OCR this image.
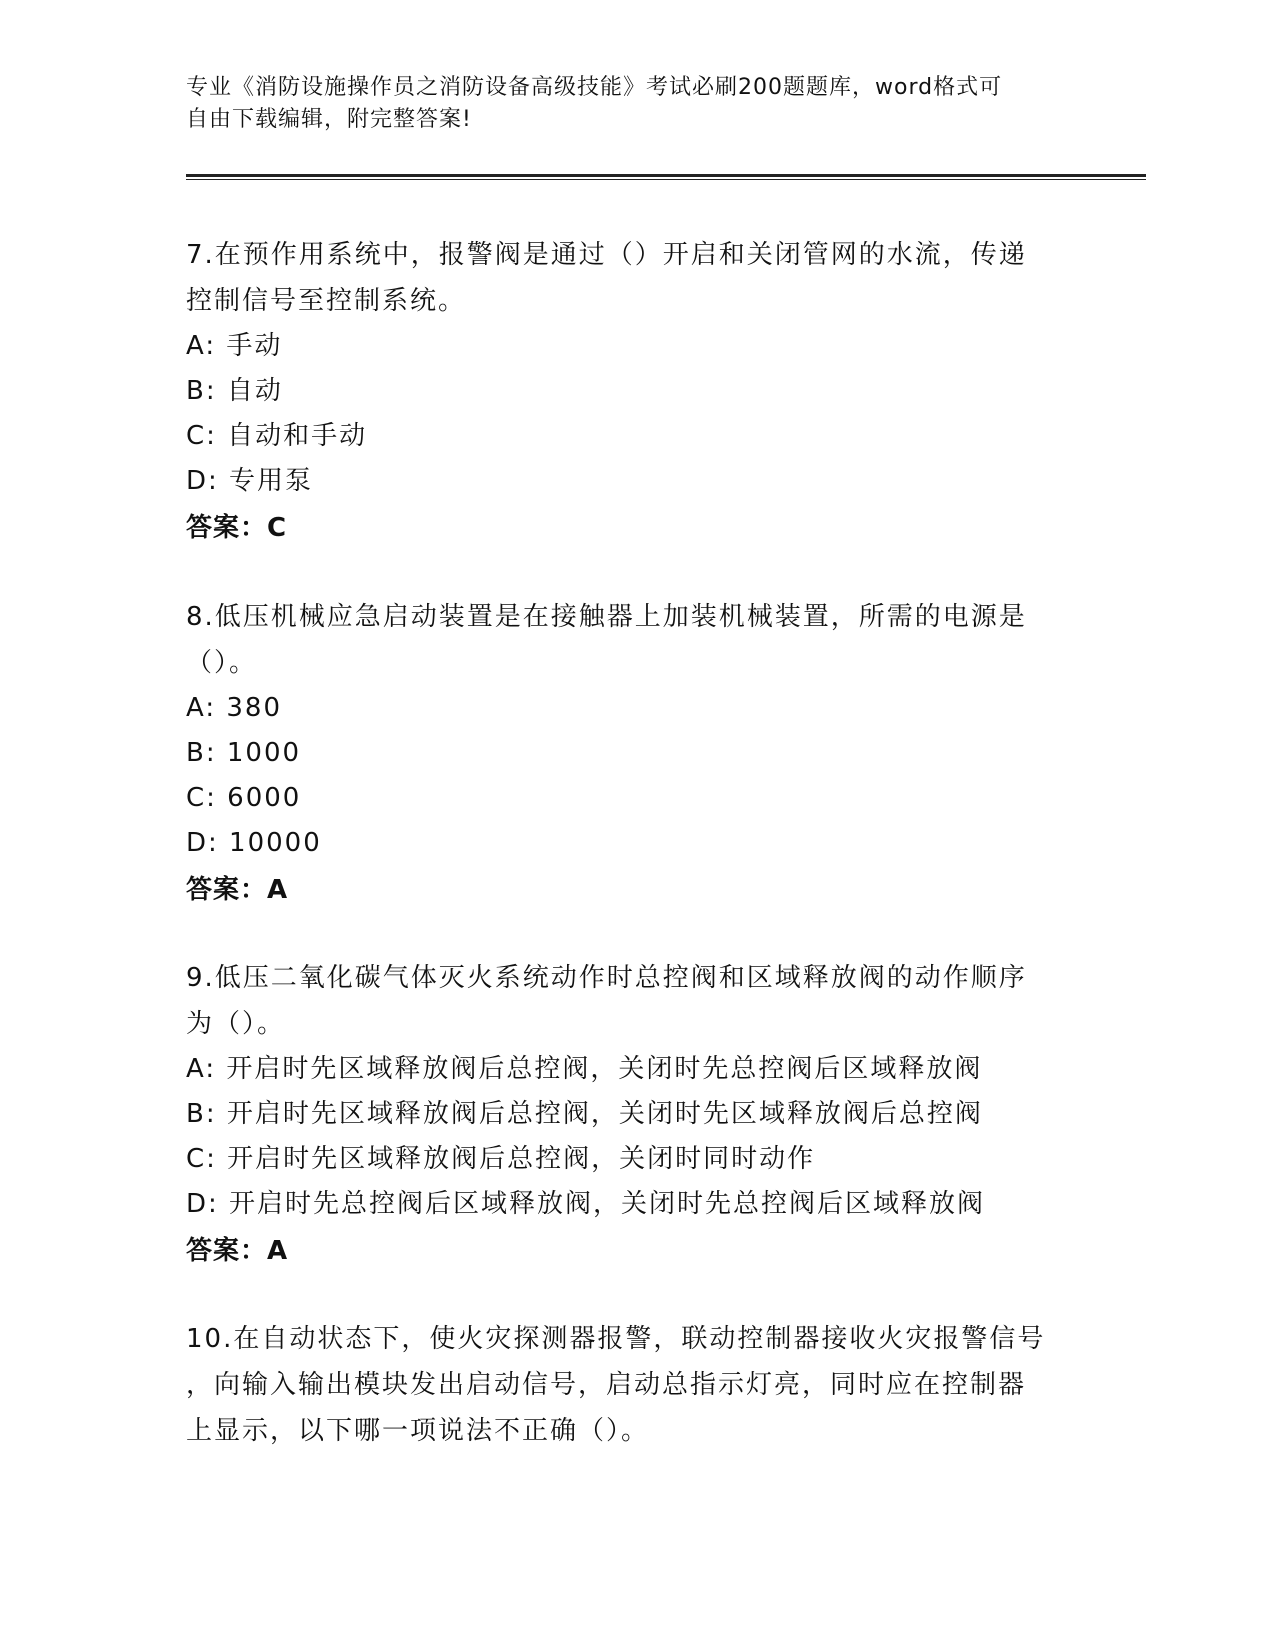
专业《消防设施操作员之消防设备高级技能》考试必刷200题题库，word格式可
自由下载编辑，附完整答案!
7.在预作用系统中，报警阀是通过（）开启和关闭管网的水流，传递
控制信号至控制系统。
A: 手动
B: 自动
C: 自动和手动
D: 专用泵
答案：C
8.低压机械应急启动装置是在接触器上加装机械装置，所需的电源是
（）。
A: 380
B: 1000
C: 6000
D: 10000
答案：A
9.低压二氧化碳气体灭火系统动作时总控阀和区域释放阀的动作顺序
为（）。
A: 开启时先区域释放阀后总控阀，关闭时先总控阀后区域释放阀
B: 开启时先区域释放阀后总控阀，关闭时先区域释放阀后总控阀
C: 开启时先区域释放阀后总控阀，关闭时同时动作
D: 开启时先总控阀后区域释放阀，关闭时先总控阀后区域释放阀
答案：A
10.在自动状态下，使火灾探测器报警，联动控制器接收火灾报警信号
，向输入输出模块发出启动信号，启动总指示灯亮，同时应在控制器
上显示，以下哪一项说法不正确（）。
